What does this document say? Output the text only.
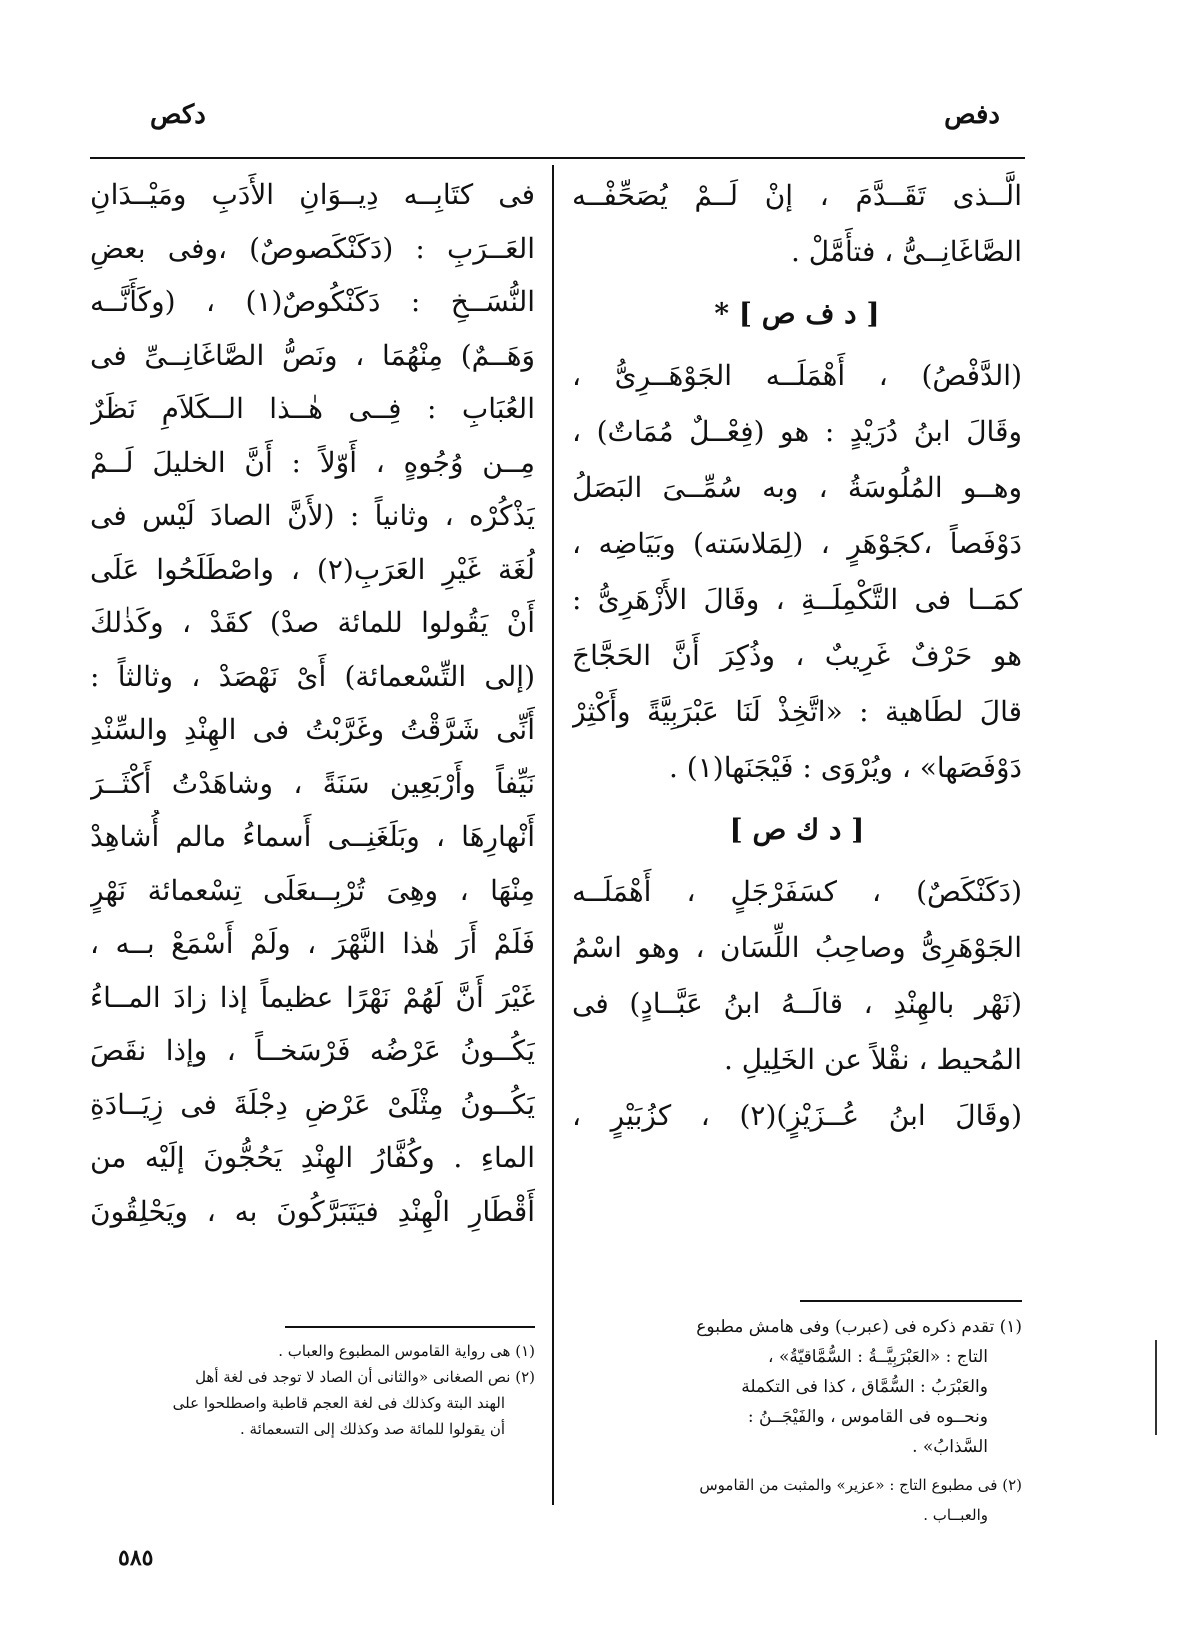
دفص
دكص
الَّــذى تَقَــدَّمَ ، إنْ لَــمْ يُصَحِّفْــه
الصَّاغَانِــىُّ ، فتأَمَّلْ .
[ د ف ص ] *
(الدَّفْصُ) ، أَهْمَلَــه الجَوْهَــرِىُّ ،
وقَالَ ابنُ دُرَيْدٍ : هو (فِعْــلٌ مُمَاتٌ) ،
وهــو المُلُوسَةُ ، وبه سُمِّــىَ البَصَلُ
دَوْفَصاً ،كجَوْهَرٍ ، (لِمَلاسَته) وبَيَاضِه ،
كمَــا فى التَّكْمِلَــةِ ، وقَالَ الأَزْهَرِىُّ :
هو حَرْفٌ غَرِيبٌ ، وذُكِرَ أَنَّ الحَجَّاجَ
قالَ لطَاهية : «اتَّخِذْ لَنَا عَبْرَبِيَّةً وأَكْثِرْ
دَوْفَصَها» ، ويُرْوَى : فَيْجَنَها(١) .
[ د ك ص ]
(دَكَنْكَصٌ) ، كسَفَرْجَلٍ ، أَهْمَلَــه
الجَوْهَرِىُّ وصاحِبُ اللِّسَان ، وهو اسْمُ
(نَهْر بالهِنْدِ ، قالَــهُ ابنُ عَبَّــادٍ) فى
المُحيط ، نقْلاً عن الخَلِيلِ .
(وقَالَ ابنُ عُــزَيْزٍ)(٢) ، كزُبَيْرٍ ،
فى كتَابِــه دِيــوَانِ الأَدَبِ ومَيْــدَانِ
العَــرَبِ : (دَكَنْكَصوصٌ) ،وفى بعضِ
النُّسَــخِ : دَكَنْكُوصٌ(١) ، (وكَأَنَّــه
وَهَــمٌ) مِنْهُمَا ، ونَصُّ الصَّاغَانِــىِّ فى
العُبَابِ : فِــى هٰــذا الــكَلاَمِ نَظَرٌ
مِــن وُجُوهٍ ، أَوّلاً : أَنَّ الخليلَ لَــمْ
يَذْكُرْه ، وثانياً : (لأَنَّ الصادَ لَيْس فى
لُغَة غَيْرِ العَرَبِ(٢) ، واصْطَلَحُوا عَلَى
أَنْ يَقُولوا للمائة صدْ) كقَدْ ، وكَذٰلكَ
(إلى التِّسْعمائة) أَىْ نَهْصَدْ ، وثالثاً :
أَنِّى شَرَّقْتُ وغَرَّبْتُ فى الهِنْدِ والسِّنْدِ
نَيِّفاً وأَرْبَعِين سَنَةً ، وشاهَدْتُ أَكْثَــرَ
أَنْهارِهَا ، وبَلَغَنِــى أَسماءُ مالم أُشاهِدْ
مِنْهَا ، وهِىَ تُرْبِــىعَلَى تِسْعمائة نَهْرٍ
فَلَمْ أَرَ هٰذا النَّهْرَ ، ولَمْ أَسْمَعْ بــه ،
غَيْرَ أَنَّ لَهُمْ نَهْرًا عظيماً إذا زادَ المــاءُ
يَكُــونُ عَرْضُه فَرْسَخــاً ، وإذا نقَصَ
يَكُــونُ مِثْلَىْ عَرْضِ دِجْلَةَ فى زِيَــادَةِ
الماءِ . وكُفَّارُ الهِنْدِ يَحُجُّونَ إلَيْه من
أَقْطَارِ الْهِنْدِ فيَتَبَرَّكُونَ به ، ويَحْلِقُونَ
(١) تقدم ذكره فى (عبرب) وفى هامش مطبوع
التاج : «العَبْرَبِيَّــةُ : السُّمَّاقيّةُ» ،
والعَبْرَبُ : السُّمَّاق ، كذا فى التكملة
ونحــوه فى القاموس ، والفَيْجَــنُ :
السَّذابُ» .
(٢) فى مطبوع التاج : «عزير» والمثبت من القاموس
والعبــاب .
(١) هى رواية القاموس المطبوع والعباب .
(٢) نص الصغانى «والثانى أن الصاد لا توجد فى لغة أهل
الهند البتة وكذلك فى لغة العجم قاطبة واصطلحوا على
أن يقولوا للمائة صد وكذلك إلى التسعمائة .
٥٨٥
